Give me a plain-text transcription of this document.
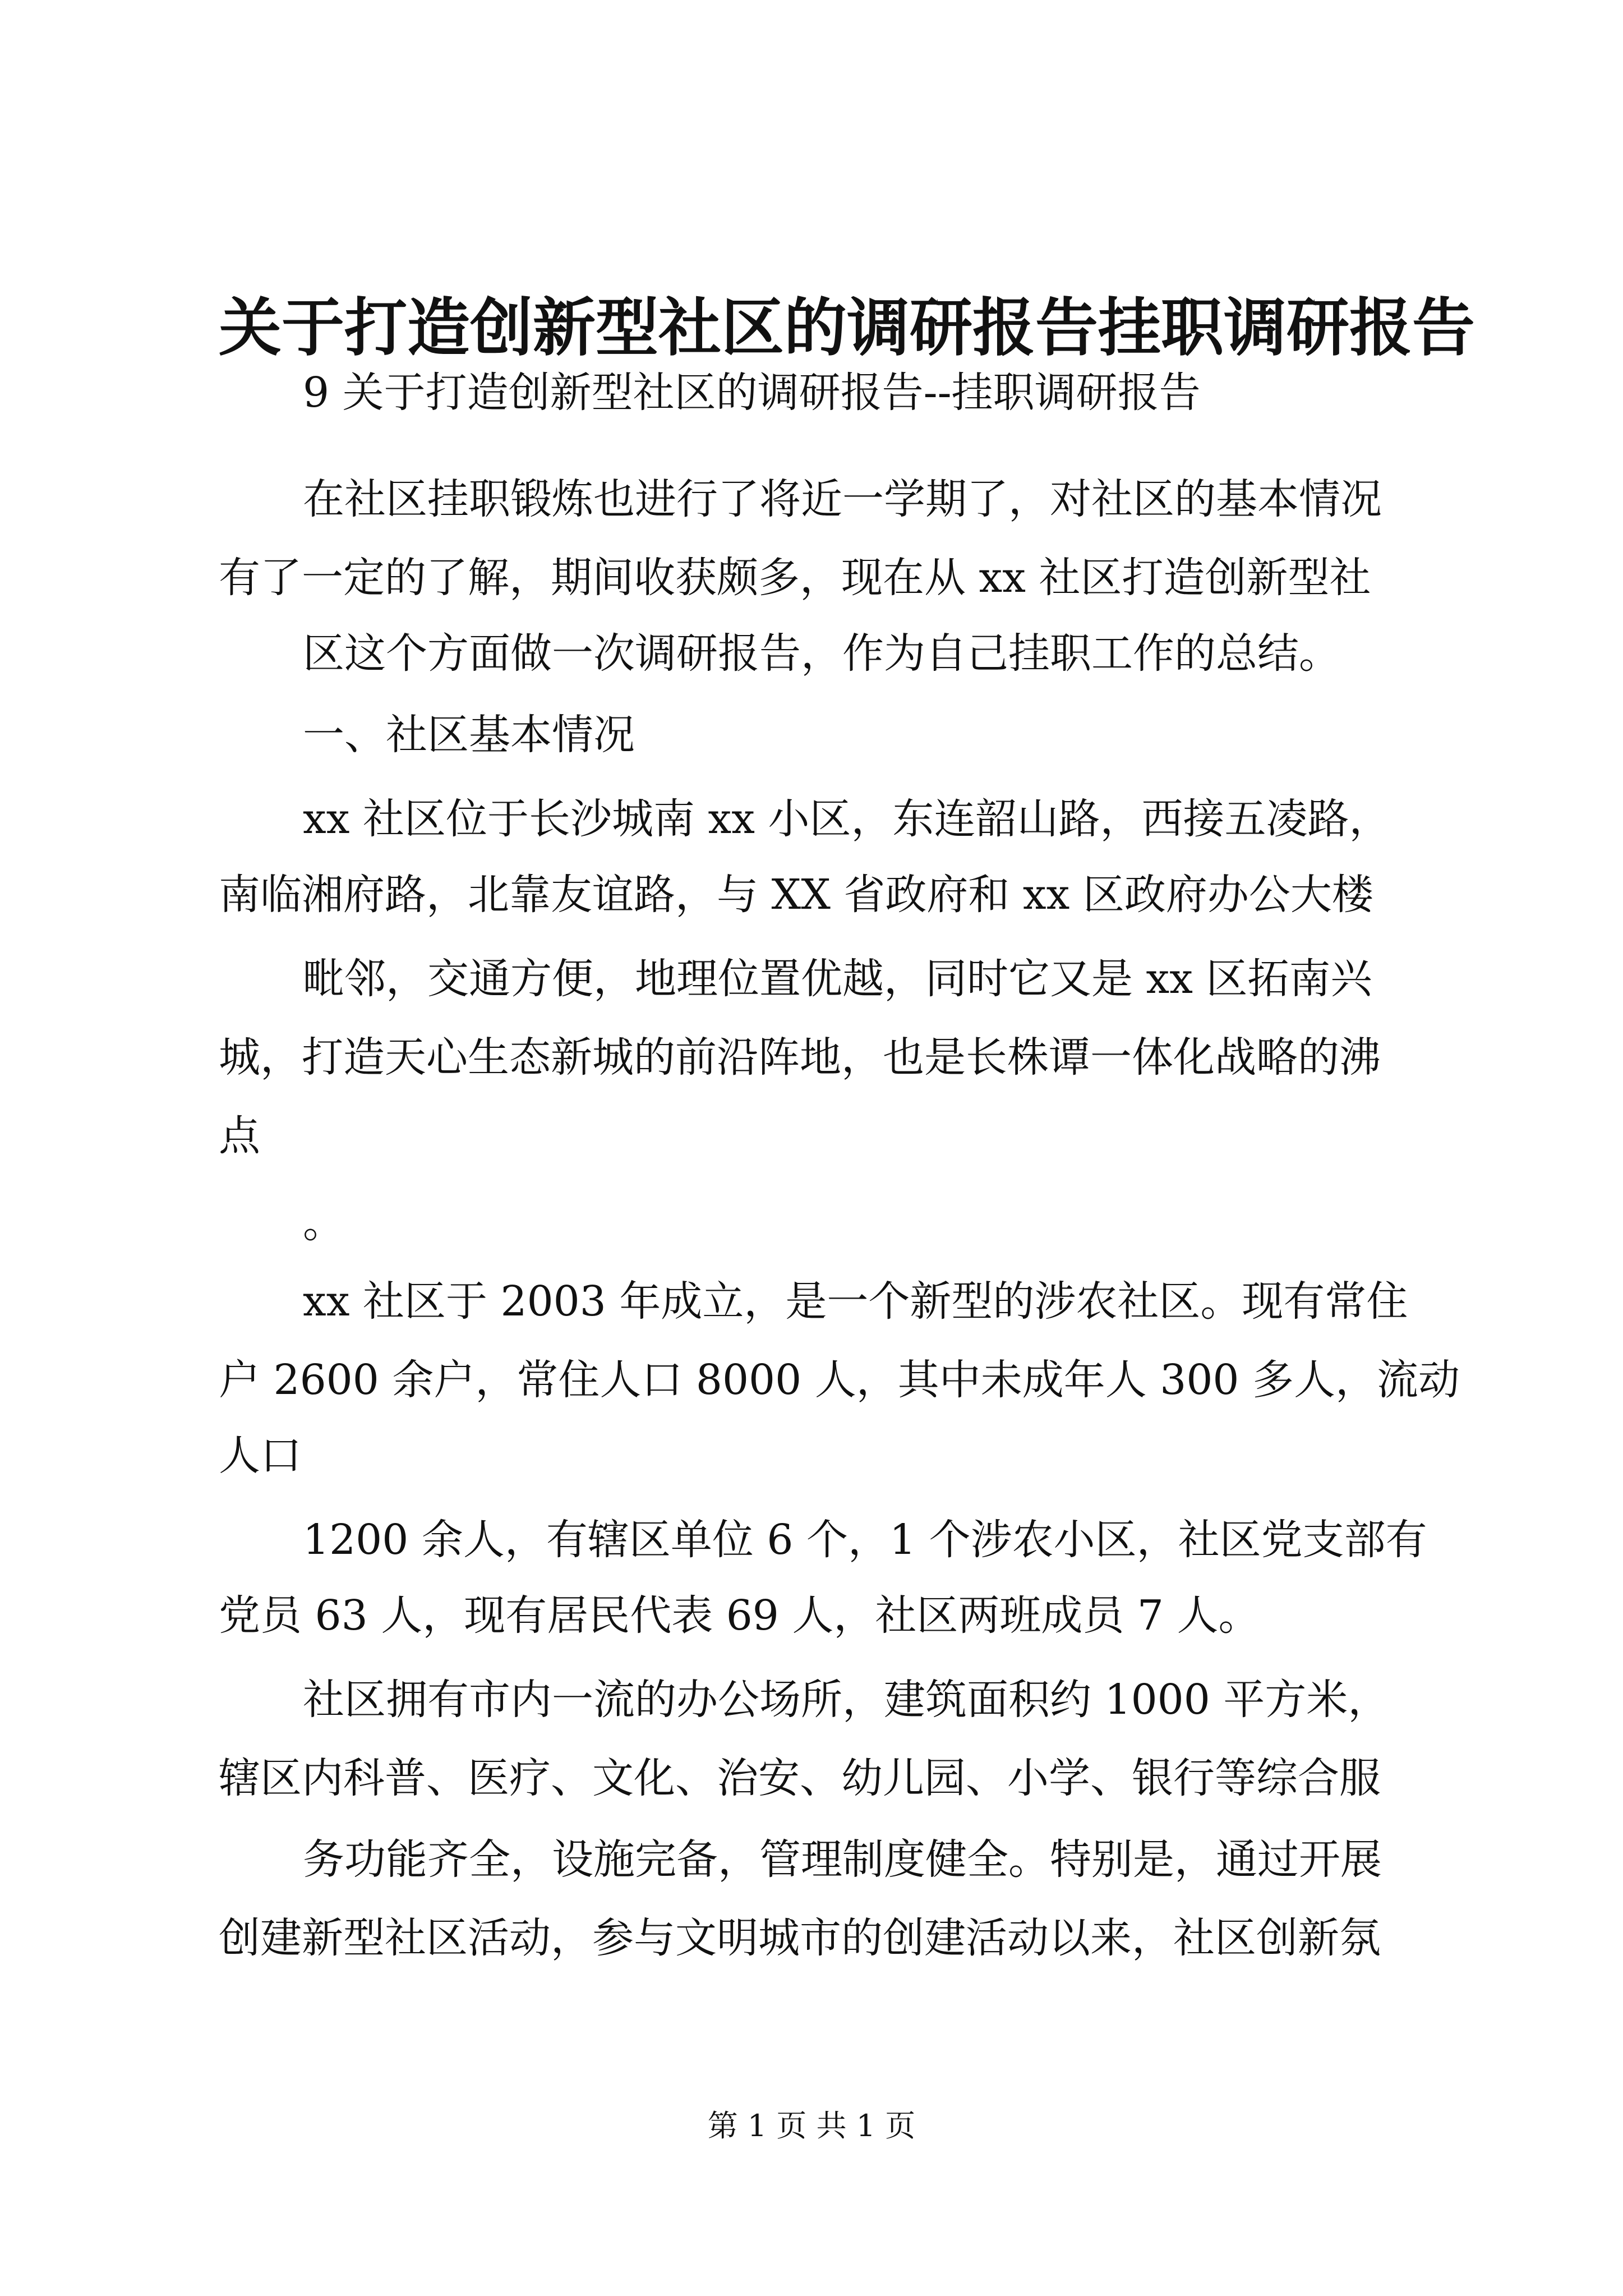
关于打造创新型社区的调研报告挂职调研报告

9 关于打造创新型社区的调研报告--挂职调研报告

在社区挂职锻炼也进行了将近一学期了，对社区的基本情况

有了一定的了解，期间收获颇多，现在从 xx 社区打造创新型社

区这个方面做一次调研报告，作为自己挂职工作的总结。

一、社区基本情况

xx 社区位于长沙城南 xx 小区，东连韶山路，西接五凌路，

南临湘府路，北靠友谊路，与 XX 省政府和 xx 区政府办公大楼

毗邻，交通方便，地理位置优越，同时它又是 xx 区拓南兴

城，打造天心生态新城的前沿阵地，也是长株谭一体化战略的沸

点

。

xx 社区于 2003 年成立，是一个新型的涉农社区。现有常住

户 2600 余户，常住人口 8000 人，其中未成年人 300 多人，流动

人口

1200 余人，有辖区单位 6 个，1 个涉农小区，社区党支部有

党员 63 人，现有居民代表 69 人，社区两班成员 7 人。

社区拥有市内一流的办公场所，建筑面积约 1000 平方米，

辖区内科普、医疗、文化、治安、幼儿园、小学、银行等综合服

务功能齐全，设施完备，管理制度健全。特别是，通过开展

创建新型社区活动，参与文明城市的创建活动以来，社区创新氛

第 1 页 共 1 页
